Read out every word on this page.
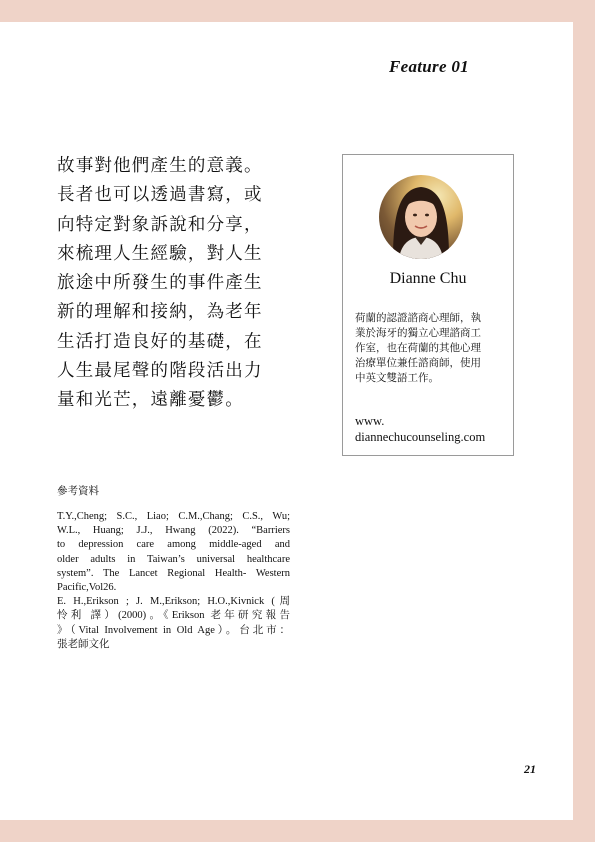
Feature 01
故事對他們產生的意義。
長者也可以透過書寫，或
向特定對象訴說和分享，
來梳理人生經驗，對人生
旅途中所發生的事件產生
新的理解和接納，為老年
生活打造良好的基礎，在
人生最尾聲的階段活出力
量和光芒，遠離憂鬱。
Dianne Chu
荷蘭的認證諮商心理師，執
業於海牙的獨立心理諮商工
作室，也在荷蘭的其他心理
治療單位兼任諮商師，使用
中英文雙語工作。
www.
diannechucounseling.com
參考資料
T.Y.,Cheng; S.C., Liao; C.M.,Chang; C.S., Wu;
W.L., Huang; J.J., Hwang (2022). “Barriers
to depression care among middle-aged and
older adults in Taiwan’s universal healthcare
system”. The Lancet Regional Health- Western
Pacific,Vol26.
E. H.,Erikson ; J. M.,Erikson; H.O.,Kivnick (周
怜利 譯）(2000)。《Erikson 老年研究報告
》（Vital Involvement in Old Age）。台北市：
張老師文化
21
